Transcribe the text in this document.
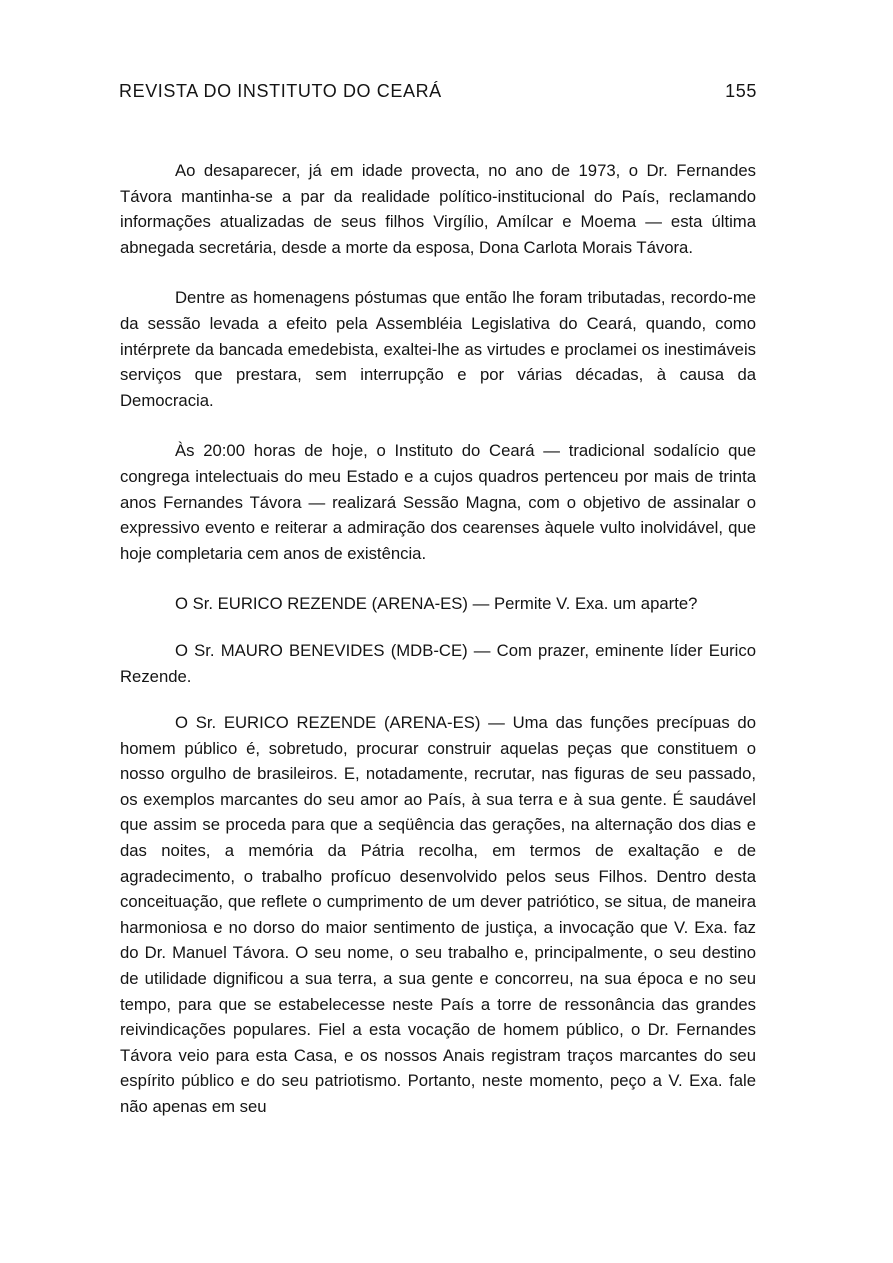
REVISTA DO INSTITUTO DO CEARÁ	155

Ao desaparecer, já em idade provecta, no ano de 1973, o Dr. Fernandes Távora mantinha-se a par da realidade político-institucional do País, reclamando informações atualizadas de seus filhos Virgílio, Amílcar e Moema — esta última abnegada secretária, desde a morte da esposa, Dona Carlota Morais Távora.

Dentre as homenagens póstumas que então lhe foram tributadas, recordo-me da sessão levada a efeito pela Assembléia Legislativa do Ceará, quando, como intérprete da bancada emedebista, exaltei-lhe as virtudes e proclamei os inestimáveis serviços que prestara, sem interrupção e por várias décadas, à causa da Democracia.

Às 20:00 horas de hoje, o Instituto do Ceará — tradicional sodalício que congrega intelectuais do meu Estado e a cujos quadros pertenceu por mais de trinta anos Fernandes Távora — realizará Sessão Magna, com o objetivo de assinalar o expressivo evento e reiterar a admiração dos cearenses àquele vulto inolvidável, que hoje completaria cem anos de existência.

O Sr. EURICO REZENDE (ARENA-ES) — Permite V. Exa. um aparte?

O Sr. MAURO BENEVIDES (MDB-CE) — Com prazer, eminente líder Eurico Rezende.

O Sr. EURICO REZENDE (ARENA-ES) — Uma das funções precípuas do homem público é, sobretudo, procurar construir aquelas peças que constituem o nosso orgulho de brasileiros. E, notadamente, recrutar, nas figuras de seu passado, os exemplos marcantes do seu amor ao País, à sua terra e à sua gente. É saudável que assim se proceda para que a seqüência das gerações, na alternação dos dias e das noites, a memória da Pátria recolha, em termos de exaltação e de agradecimento, o trabalho profícuo desenvolvido pelos seus Filhos. Dentro desta conceituação, que reflete o cumprimento de um dever patriótico, se situa, de maneira harmoniosa e no dorso do maior sentimento de justiça, a invocação que V. Exa. faz do Dr. Manuel Távora. O seu nome, o seu trabalho e, principalmente, o seu destino de utilidade dignificou a sua terra, a sua gente e concorreu, na sua época e no seu tempo, para que se estabelecesse neste País a torre de ressonância das grandes reivindicações populares. Fiel a esta vocação de homem público, o Dr. Fernandes Távora veio para esta Casa, e os nossos Anais registram traços marcantes do seu espírito público e do seu patriotismo. Portanto, neste momento, peço a V. Exa. fale não apenas em seu
